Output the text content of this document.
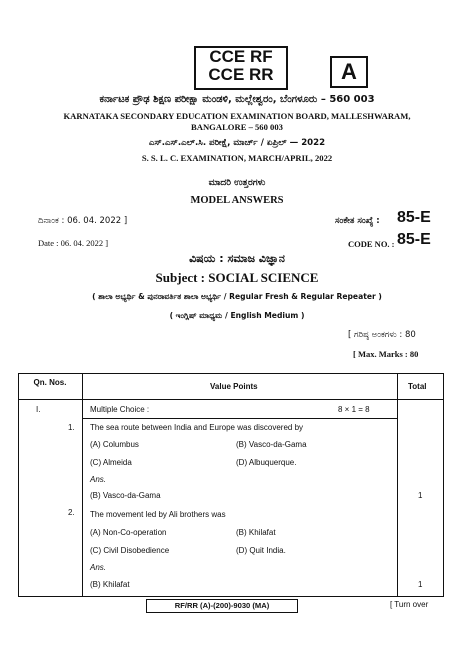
CCE RF
CCE RR	A
ಕರ್ನಾಟಕ ಪ್ರೌಢ ಶಿಕ್ಷಣ ಪರೀಕ್ಷಾ ಮಂಡಳಿ, ಮಲ್ಲೇಶ್ವರಂ, ಬೆಂಗಳೂರು – 560 003
KARNATAKA SECONDARY EDUCATION EXAMINATION BOARD, MALLESHWARAM,
BANGALORE – 560 003
ಎಸ್.ಎಸ್.ಎಲ್.ಸಿ. ಪರೀಕ್ಷೆ, ಮಾರ್ಚ್ / ಏಪ್ರಿಲ್ — 2022
S. S. L. C. EXAMINATION, MARCH/APRIL, 2022
ಮಾದರಿ ಉತ್ತರಗಳು
MODEL ANSWERS
ದಿನಾಂಕ : 06. 04. 2022 ]	ಸಂಕೇತ ಸಂಖ್ಯೆ : 85-E
Date : 06. 04. 2022 ]	CODE NO. : 85-E
ವಿಷಯ : ಸಮಾಜ ವಿಜ್ಞಾನ
Subject : SOCIAL SCIENCE
( ಶಾಲಾ ಅಭ್ಯರ್ಥಿ & ಪುನರಾವರ್ತಿತ ಶಾಲಾ ಅಭ್ಯರ್ಥಿ / Regular Fresh & Regular Repeater )
( ಇಂಗ್ಲಿಷ್ ಮಾಧ್ಯಮ / English Medium )
[ ಗರಿಷ್ಠ ಅಂಕಗಳು : 80
[ Max. Marks : 80
Qn. Nos.	Value Points	Total
I.	Multiple Choice :	8 × 1 = 8
1. The sea route between India and Europe was discovered by
(A) Columbus	(B) Vasco-da-Gama
(C) Almeida	(D) Albuquerque.
Ans.
(B) Vasco-da-Gama	1
2. The movement led by Ali brothers was
(A) Non-Co-operation	(B) Khilafat
(C) Civil Disobedience	(D) Quit India.
Ans.
(B) Khilafat	1
RF/RR (A)-(200)-9030 (MA)	[ Turn over
